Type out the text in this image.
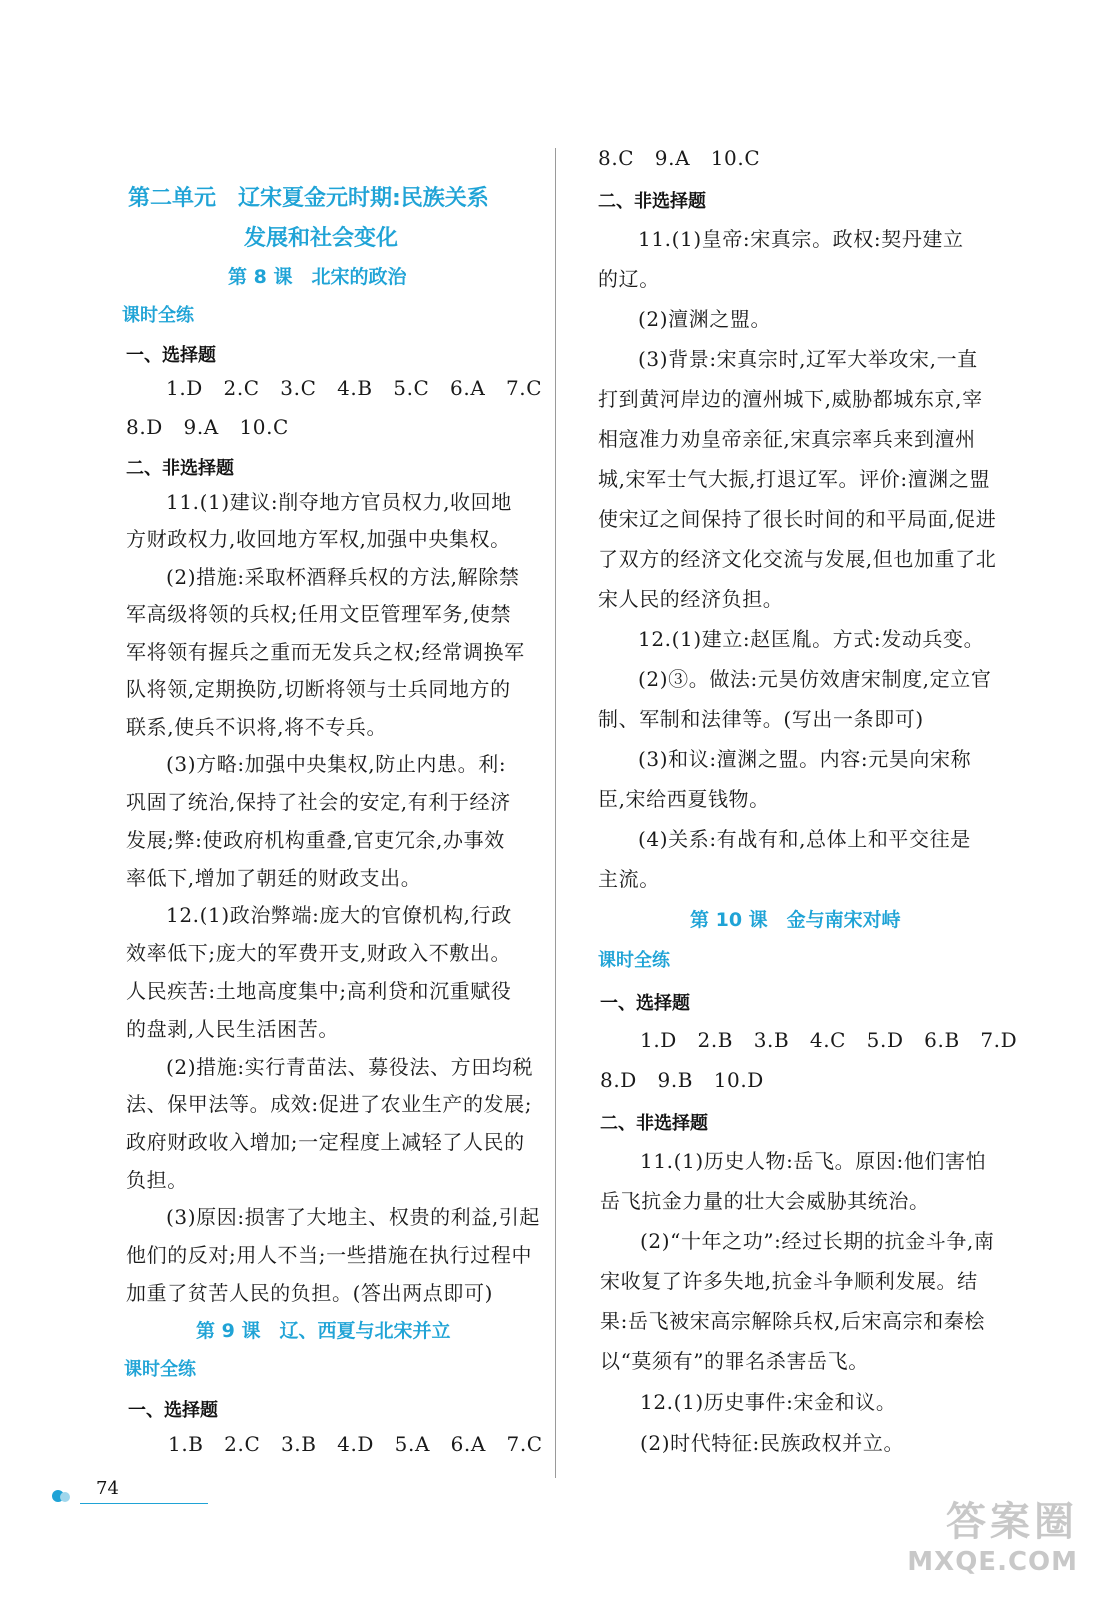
第二单元　辽宋夏金元时期:民族关系
发展和社会变化
第 8 课　北宋的政治
课时全练
一、选择题
1.D　2.C　3.C　4.B　5.C　6.A　7.C
8.D　9.A　10.C
二、非选择题
11.(1)建议:削夺地方官员权力,收回地
方财政权力,收回地方军权,加强中央集权。
(2)措施:采取杯酒释兵权的方法,解除禁
军高级将领的兵权;任用文臣管理军务,使禁
军将领有握兵之重而无发兵之权;经常调换军
队将领,定期换防,切断将领与士兵同地方的
联系,使兵不识将,将不专兵。
(3)方略:加强中央集权,防止内患。利:
巩固了统治,保持了社会的安定,有利于经济
发展;弊:使政府机构重叠,官吏冗余,办事效
率低下,增加了朝廷的财政支出。
12.(1)政治弊端:庞大的官僚机构,行政
效率低下;庞大的军费开支,财政入不敷出。
人民疾苦:土地高度集中;高利贷和沉重赋役
的盘剥,人民生活困苦。
(2)措施:实行青苗法、募役法、方田均税
法、保甲法等。成效:促进了农业生产的发展;
政府财政收入增加;一定程度上减轻了人民的
负担。
(3)原因:损害了大地主、权贵的利益,引起
他们的反对;用人不当;一些措施在执行过程中
加重了贫苦人民的负担。(答出两点即可)
第 9 课　辽、西夏与北宋并立
课时全练
一、选择题
1.B　2.C　3.B　4.D　5.A　6.A　7.C
8.C　9.A　10.C
二、非选择题
11.(1)皇帝:宋真宗。政权:契丹建立
的辽。
(2)澶渊之盟。
(3)背景:宋真宗时,辽军大举攻宋,一直
打到黄河岸边的澶州城下,威胁都城东京,宰
相寇准力劝皇帝亲征,宋真宗率兵来到澶州
城,宋军士气大振,打退辽军。评价:澶渊之盟
使宋辽之间保持了很长时间的和平局面,促进
了双方的经济文化交流与发展,但也加重了北
宋人民的经济负担。
12.(1)建立:赵匡胤。方式:发动兵变。
(2)③。做法:元昊仿效唐宋制度,定立官
制、军制和法律等。(写出一条即可)
(3)和议:澶渊之盟。内容:元昊向宋称
臣,宋给西夏钱物。
(4)关系:有战有和,总体上和平交往是
主流。
第 10 课　金与南宋对峙
课时全练
一、选择题
1.D　2.B　3.B　4.C　5.D　6.B　7.D
8.D　9.B　10.D
二、非选择题
11.(1)历史人物:岳飞。原因:他们害怕
岳飞抗金力量的壮大会威胁其统治。
(2)“十年之功”:经过长期的抗金斗争,南
宋收复了许多失地,抗金斗争顺利发展。结
果:岳飞被宋高宗解除兵权,后宋高宗和秦桧
以“莫须有”的罪名杀害岳飞。
12.(1)历史事件:宋金和议。
(2)时代特征:民族政权并立。
74
答案圈
MXQE.COM
